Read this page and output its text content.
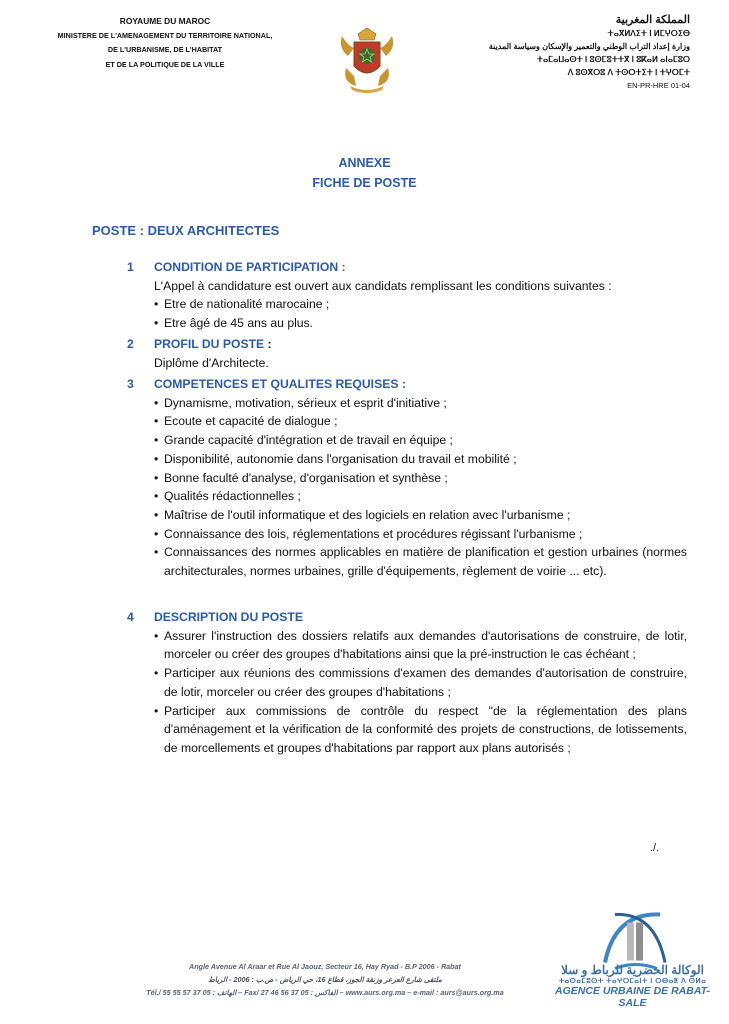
ROYAUME DU MAROC
MINISTERE DE L'AMENAGEMENT DU TERRITOIRE NATIONAL,
DE L'URBANISME, DE L'HABITAT
ET DE LA POLITIQUE DE LA VILLE
المملكة المغربية
ⵜⴰⴳⵍⴷⵉⵜ ⵏ ⵍⵎⵖⵔⵉⴱ
وزارة إعداد التراب الوطني والتعمير والإسكان وسياسة المدينة
ⵜⴰⵎⴰⵡⴰⵙⵜ ⵏ ⵓⵙⵎⵓⵜⵜⴳ ⵏ ⵓⴽⴰⵍ ⴰⵏⴰⵎⵓⵔ
ⴷ ⵓⵙⴳⵔⵓ ⴷ ⵜⵙⵔⵜⵉⵜ ⵏ ⵜⵖⵔⵎⵜ
EN-PR-HRE 01-04
ANNEXE
FICHE DE POSTE
POSTE : DEUX ARCHITECTES
1 CONDITION DE PARTICIPATION :
L'Appel à candidature est ouvert aux candidats remplissant les conditions suivantes :
• Etre de nationalité marocaine ;
• Etre âgé de 45 ans au plus.
2 PROFIL DU POSTE :
Diplôme d'Architecte.
3 COMPETENCES ET QUALITES REQUISES :
• Dynamisme, motivation, sérieux et esprit d'initiative ;
• Ecoute et capacité de dialogue ;
• Grande capacité d'intégration et de travail en équipe ;
• Disponibilité, autonomie dans l'organisation du travail et mobilité ;
• Bonne faculté d'analyse, d'organisation et synthèse ;
• Qualités rédactionnelles ;
• Maîtrise de l'outil informatique et des logiciels en relation avec l'urbanisme ;
• Connaissance des lois, réglementations et procédures régissant l'urbanisme ;
• Connaissances des normes applicables en matière de planification et gestion urbaines (normes architecturales, normes urbaines, grille d'équipements, règlement de voirie ... etc).
4 DESCRIPTION DU POSTE
• Assurer l'instruction des dossiers relatifs aux demandes d'autorisations de construire, de lotir, morceler ou créer des groupes d'habitations ainsi que la pré-instruction le cas échéant ;
• Participer aux réunions des commissions d'examen des demandes d'autorisation de construire, de lotir, morceler ou créer des groupes d'habitations ;
• Participer aux commissions de contrôle du respect "de la réglementation des plans d'aménagement et la vérification de la conformité des projets de constructions, de lotissements, de morcellements et groupes d'habitations par rapport aux plans autorisés ;
./.
الوكالة الحضرية للرباط و سلا
ⵜⴰⵙⴰⵎⵓⵙⵜ ⵜⴰⵖⵔⵎⴰⵏⵜ ⵏ ⵔⴱⴰⵟ ⴷ ⵙⵍⴰ
AGENCE URBAINE DE RABAT-SALE
Angle Avenue Al Araar et Rue Al Jaouz, Secteur 16, Hay Ryad - B.P 2006 - Rabat
ملتقى شارع العرعر وزنقة الجوز، قطاع 16، حي الرياض - ص.ب : 2006 - الرباط
Tél./ الهاتف : 05 37 57 55 55 – Fax/ الفاكس : 05 37 56 46 27 – www.aurs.org.ma – e-mail : aurs@aurs.org.ma
